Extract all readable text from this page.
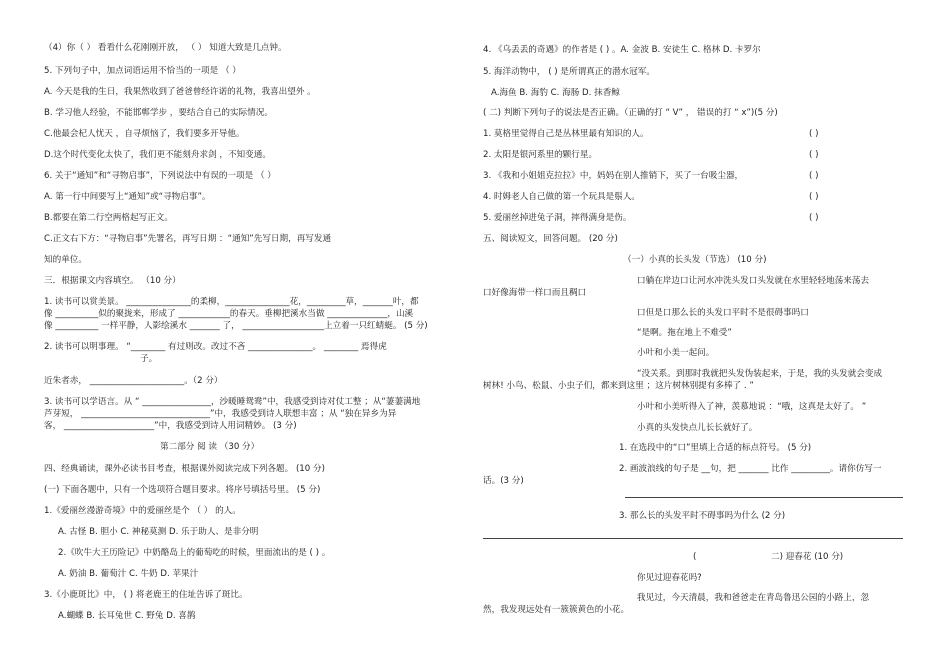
（4）你（ ） 看看什么花刚刚开放， （ ） 知道大致是几点钟。
5. 下列句子中，加点词语运用不恰当的一项是 （ ）
A. 今天是我的生日，我果然收到了爸爸曾经许诺的礼物，我喜出望外 。
B. 学习他人经验，不能邯郸学步 ，要结合自己的实际情况。
C.他最会杞人忧天 ，自寻烦恼了，我们要多开导他。
D.这个时代变化太快了，我们更不能刻舟求剑 ，不知变通。
6. 关于“通知”和“寻物启事”，下列说法中有误的一项是 （ ）
A. 第一行中间要写上“通知”或“寻物启事”。
B.都要在第二行空两格起写正文。
C.正文右下方：“寻物启事”先署名，再写日期 ：“通知”先写日期，再写发通
知的单位。
三．根据课文内容填空。 （10 分）
1. 读书可以赏美景。 _______________的柔柳，_______________花，_________草，_______叶，都
像 __________似的聚拢来，形成了 ____________的春天。垂柳把溪水当做 ______________，山溪
像 __________ 一样平静，人影绘溪水 _______ 了， ___________________上立着一只红蜻蜓。 (5 分)
2. 读书可以明事理。 “________ 有过则改。改过不吝 _______________。 ________ 焉得虎
子。
近朱者赤， ______________________。（2 分）
3. 读书可以学语言。从 “ ________________，沙暖睡鸳鸯”中，我感受到诗对仗工整 ；从“萋萋满地
芦芽短， ______________________________”中，我感受到诗人联想丰富 ；从 “独在异乡为异
客， _____________________”中，我感受到诗人用词精妙。 (3 分)
第二部分 阅 读 （30 分）
四、经典诵读，课外必读书目考查，根据课外阅读完成下列各题。 (10 分)
(一) 下面各题中，只有一个选项符合题目要求。将序号填括号里。 (5 分)
1.《爱丽丝漫游奇境》中的爱丽丝是个 （ ） 的人。
A. 古怪 B. 胆小 C. 神秘莫测 D. 乐于助人、是非分明
2.《吹牛大王历险记》中奶酪岛上的葡萄吃的时候，里面流出的是 ( ) 。
A. 奶油 B. 葡萄汁 C. 牛奶 D. 苹果汁
3.《小鹿斑比》中， ( ) 将老鹿王的住址告诉了斑比。
A.蝴蝶 B. 长耳兔世 C. 野兔 D. 喜鹊
4. 《乌丢丢的奇遇》的作者是 ( ) 。A. 金波 B. 安徒生 C. 格林 D. 卡罗尔
5. 海洋动物中， ( ) 是所谓真正的潜水冠军。
A.海鱼 B. 海豹 C. 海肠 D. 抹香鲸
( 二) 判断下列句子的说法是否正确。（正确的打 “ V” ， 错误的打 “ x”)(5 分)
1. 莫格里觉得自己是丛林里最有知识的人。	( )
2. 太阳是银河系里的颗行星。	( )
3. 《我和小姐姐克拉拉》中，妈妈在别人推销下，买了一台吸尘器，	( )
4. 时姆老人自己做的第一个玩具是鬃人。	( )
5. 爱丽丝掉进兔子洞，摔得满身是伤。	( )
五、阅读短文，回答问题。 (20 分)
（一）小真的长头发（节选） (10 分)
口躺在岸边口让河水冲洗头发口头发就在水里轻轻地荡来荡去
口好像海带一样口而且稠口
口但是口那么长的头发口平时不是很碍事吗口
“是啊。拖在地上不难受”
小叶和小美一起问。
“没关系。到那时我就把头发伪装起来，于是，我的头发就会变成
树林! 小鸟、松鼠、小虫子们，都来到这里 ；这片树林别提有多棒了 . ”
小叶和小美听得入了神，羡慕地说 ：“哦，这真是太好了。 ”
小真的头发快点儿长长就好了。
1. 在选段中的“口”里填上合适的标点符号。 (5 分)
2. 画波浪线的句子是 __句，把 _______ 比作 _________。请你仿写一
话。(3 分)
3. 那么长的头发平时不碍事吗为什么 (2 分)
(	二) 迎春花 (10 分)
你见过迎春花吗?
我见过，今天清晨，我和爸爸走在青岛鲁迅公园的小路上，忽
然，我发现远处有一簇簇黄色的小花。
